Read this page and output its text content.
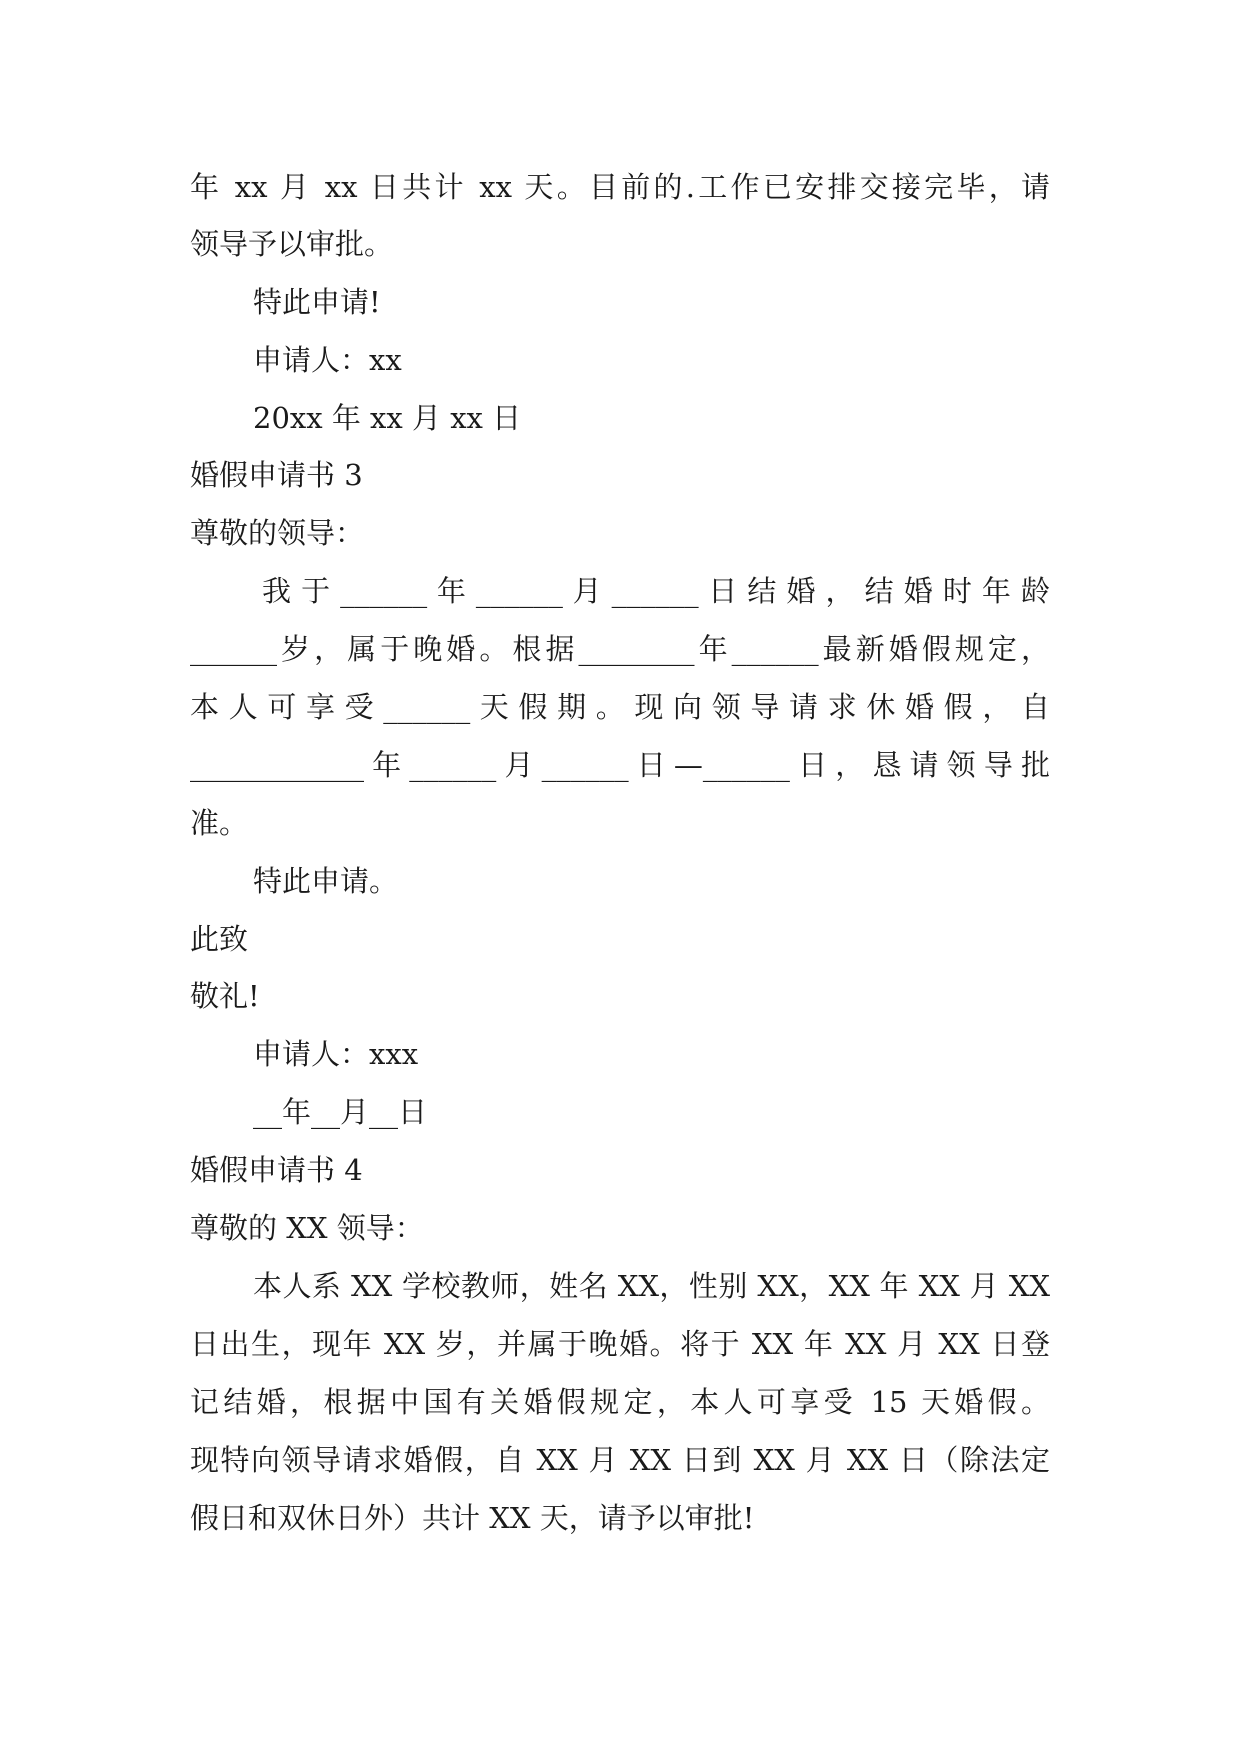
年 xx 月 xx 日共计 xx 天。目前的.工作已安排交接完毕，请
领导予以审批。
特此申请!
申请人：xx
20xx 年 xx 月 xx 日
婚假申请书 3
尊敬的领导：
我 于 ______ 年 ______ 月 ______ 日 结 婚 ， 结 婚 时 年 龄
______岁，属于晚婚。根据________年______最新婚假规定，
本 人 可 享 受 ______ 天 假 期 。 现 向 领 导 请 求 休 婚 假 ， 自
____________年______月______日—______日，恳请领导批
准。
特此申请。
此致
敬礼!
申请人：xxx
__年__月__日
婚假申请书 4
尊敬的 XX 领导：
本人系 XX 学校教师，姓名 XX，性别 XX，XX 年 XX 月 XX
日出生，现年 XX 岁，并属于晚婚。将于 XX 年 XX 月 XX 日登
记结婚，根据中国有关婚假规定，本人可享受 15 天婚假。
现特向领导请求婚假，自 XX 月 XX 日到 XX 月 XX 日（除法定
假日和双休日外）共计 XX 天，请予以审批!
